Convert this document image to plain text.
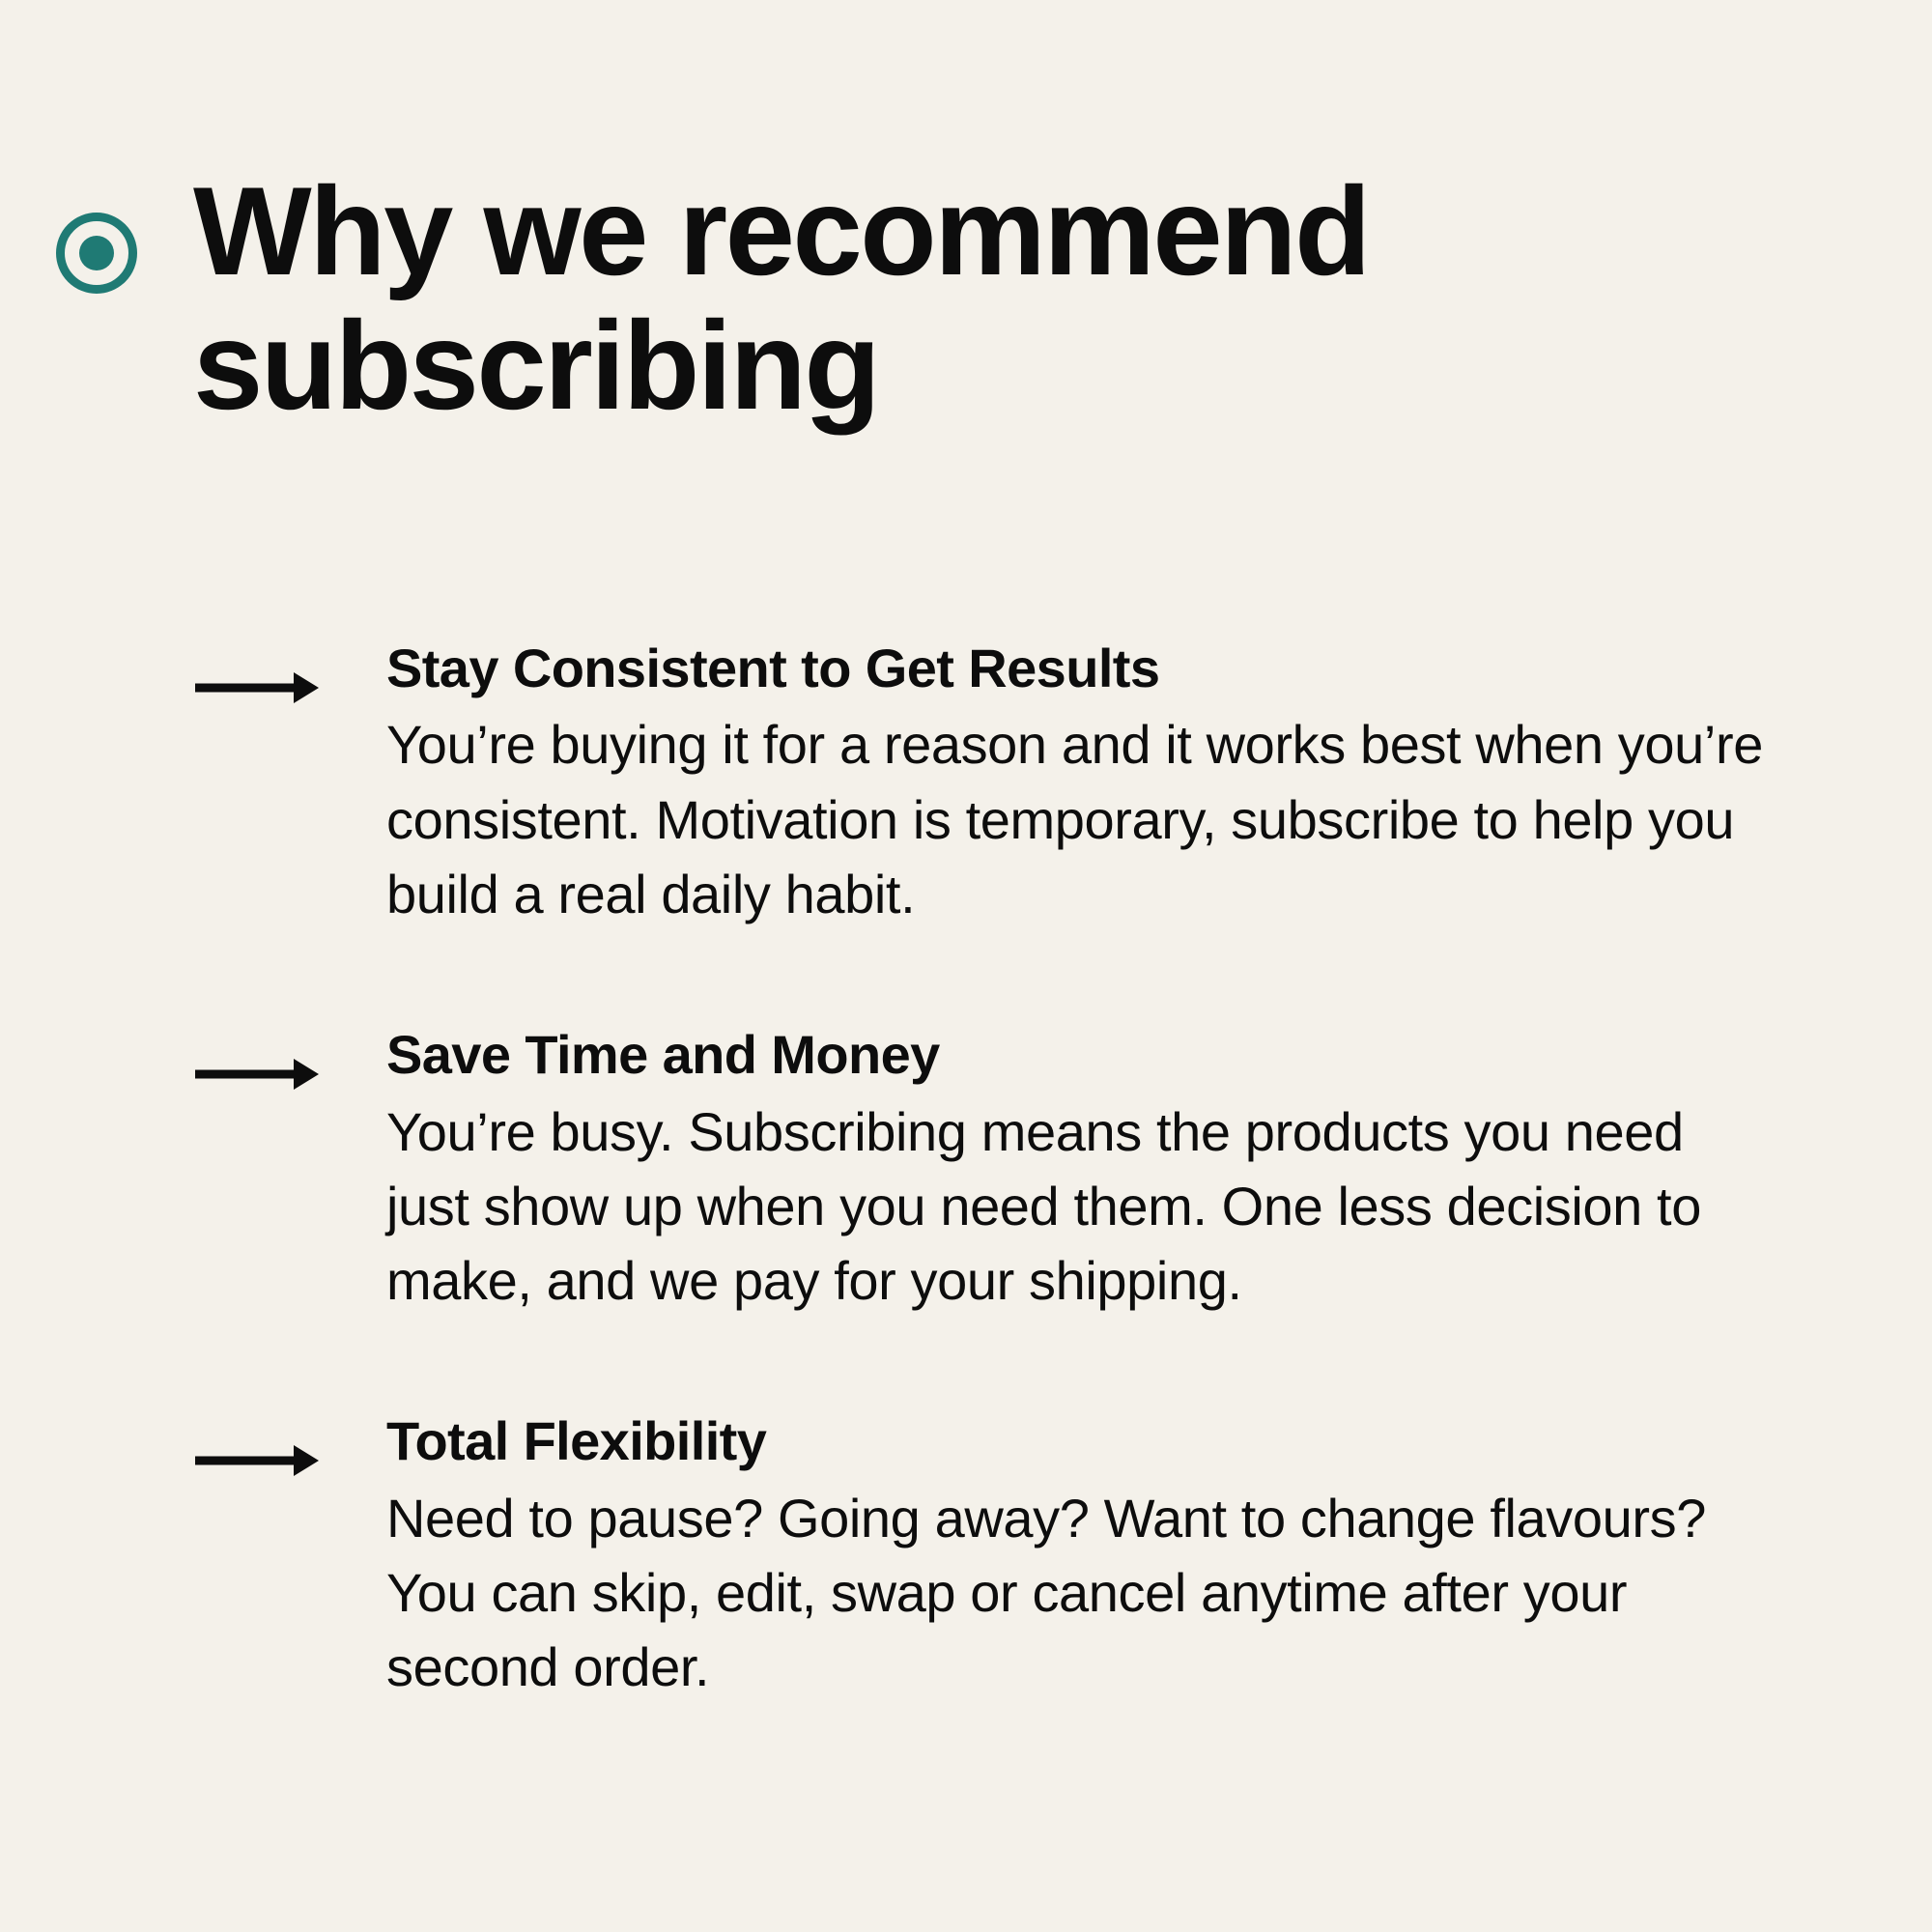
Why we recommend subscribing
Stay Consistent to Get Results

You’re buying it for a reason and it works best when you’re consistent. Motivation is temporary, subscribe to help you build a real daily habit.

Save Time and Money

You’re busy. Subscribing means the products you need just show up when you need them. One less decision to make, and we pay for your shipping.

Total Flexibility

Need to pause? Going away? Want to change flavours? You can skip, edit, swap or cancel anytime after your second order.
